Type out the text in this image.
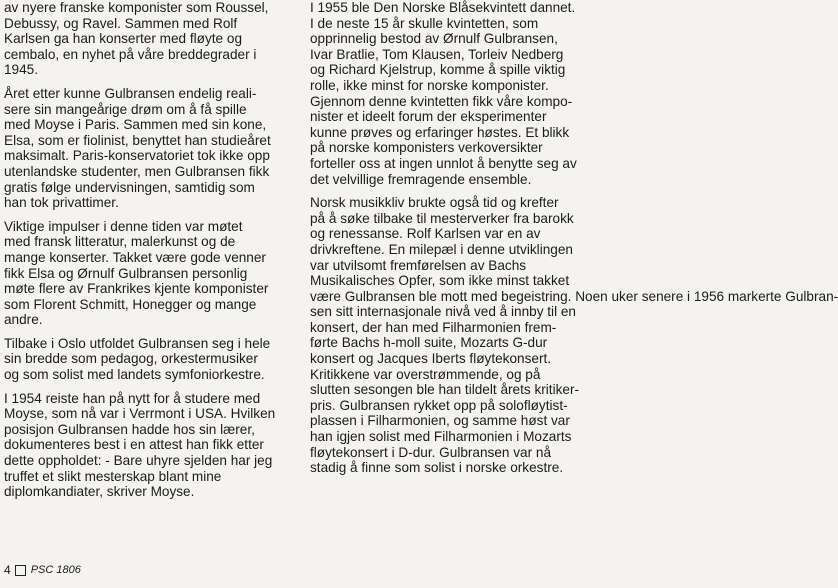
av nyere franske komponister som Roussel,
Debussy, og Ravel. Sammen med Rolf
Karlsen ga han konserter med fløyte og
cembalo, en nyhet på våre breddegrader i
1945.

Året etter kunne Gulbransen endelig reali-
sere sin mangeårige drøm om å få spille
med Moyse i Paris. Sammen med sin kone,
Elsa, som er fiolinist, benyttet han studieåret
maksimalt. Paris-konservatoriet tok ikke opp
utenlandske studenter, men Gulbransen fikk
gratis følge undervisningen, samtidig som
han tok privattimer.

Viktige impulser i denne tiden var møtet
med fransk litteratur, malerkunst og de
mange konserter. Takket være gode venner
fikk Elsa og Ørnulf Gulbransen personlig
møte flere av Frankrikes kjente komponister
som Florent Schmitt, Honegger og mange
andre.

Tilbake i Oslo utfoldet Gulbransen seg i hele
sin bredde som pedagog, orkestermusiker
og som solist med landets symfoniorkestre.

I 1954 reiste han på nytt for å studere med
Moyse, som nå var i Verrmont i USA. Hvilken
posisjon Gulbransen hadde hos sin lærer,
dokumenteres best i en attest han fikk etter
dette oppholdet: - Bare uhyre sjelden har jeg
truffet et slikt mesterskap blant mine
diplomkandiater, skriver Moyse.

I 1955 ble Den Norske Blåsekvintett dannet.
I de neste 15 år skulle kvintetten, som
opprinnelig bestod av Ørnulf Gulbransen,
Ivar Bratlie, Tom Klausen, Torleiv Nedberg
og Richard Kjelstrup, komme å spille viktig
rolle, ikke minst for norske komponister.
Gjennom denne kvintetten fikk våre kompo-
nister et ideelt forum der eksperimenter
kunne prøves og erfaringer høstes. Et blikk
på norske komponisters verkoversikter
forteller oss at ingen unnlot å benytte seg av
det velvillige fremragende ensemble.

Norsk musikkliv brukte også tid og krefter
på å søke tilbake til mesterverker fra barokk
og renessanse. Rolf Karlsen var en av
drivkreftene. En milepæl i denne utviklingen
var utvilsomt fremførelsen av Bachs
Musikalisches Opfer, som ikke minst takket
være Gulbransen ble mott med begeistring. Noen uker senere i 1956 markerte Gulbran-
sen sitt internasjonale nivå ved å innby til en
konsert, der han med Filharmonien frem-
førte Bachs h-moll suite, Mozarts G-dur
konsert og Jacques Iberts fløytekonsert.
Kritikkene var overstrømmende, og på
slutten sesongen ble han tildelt årets kritiker-
pris. Gulbransen rykket opp på solofløytist-
plassen i Filharmonien, og samme høst var
han igjen solist med Filharmonien i Mozarts
fløytekonsert i D-dur. Gulbransen var nå
stadig å finne som solist i norske orkestre.

4 PSC 1806
